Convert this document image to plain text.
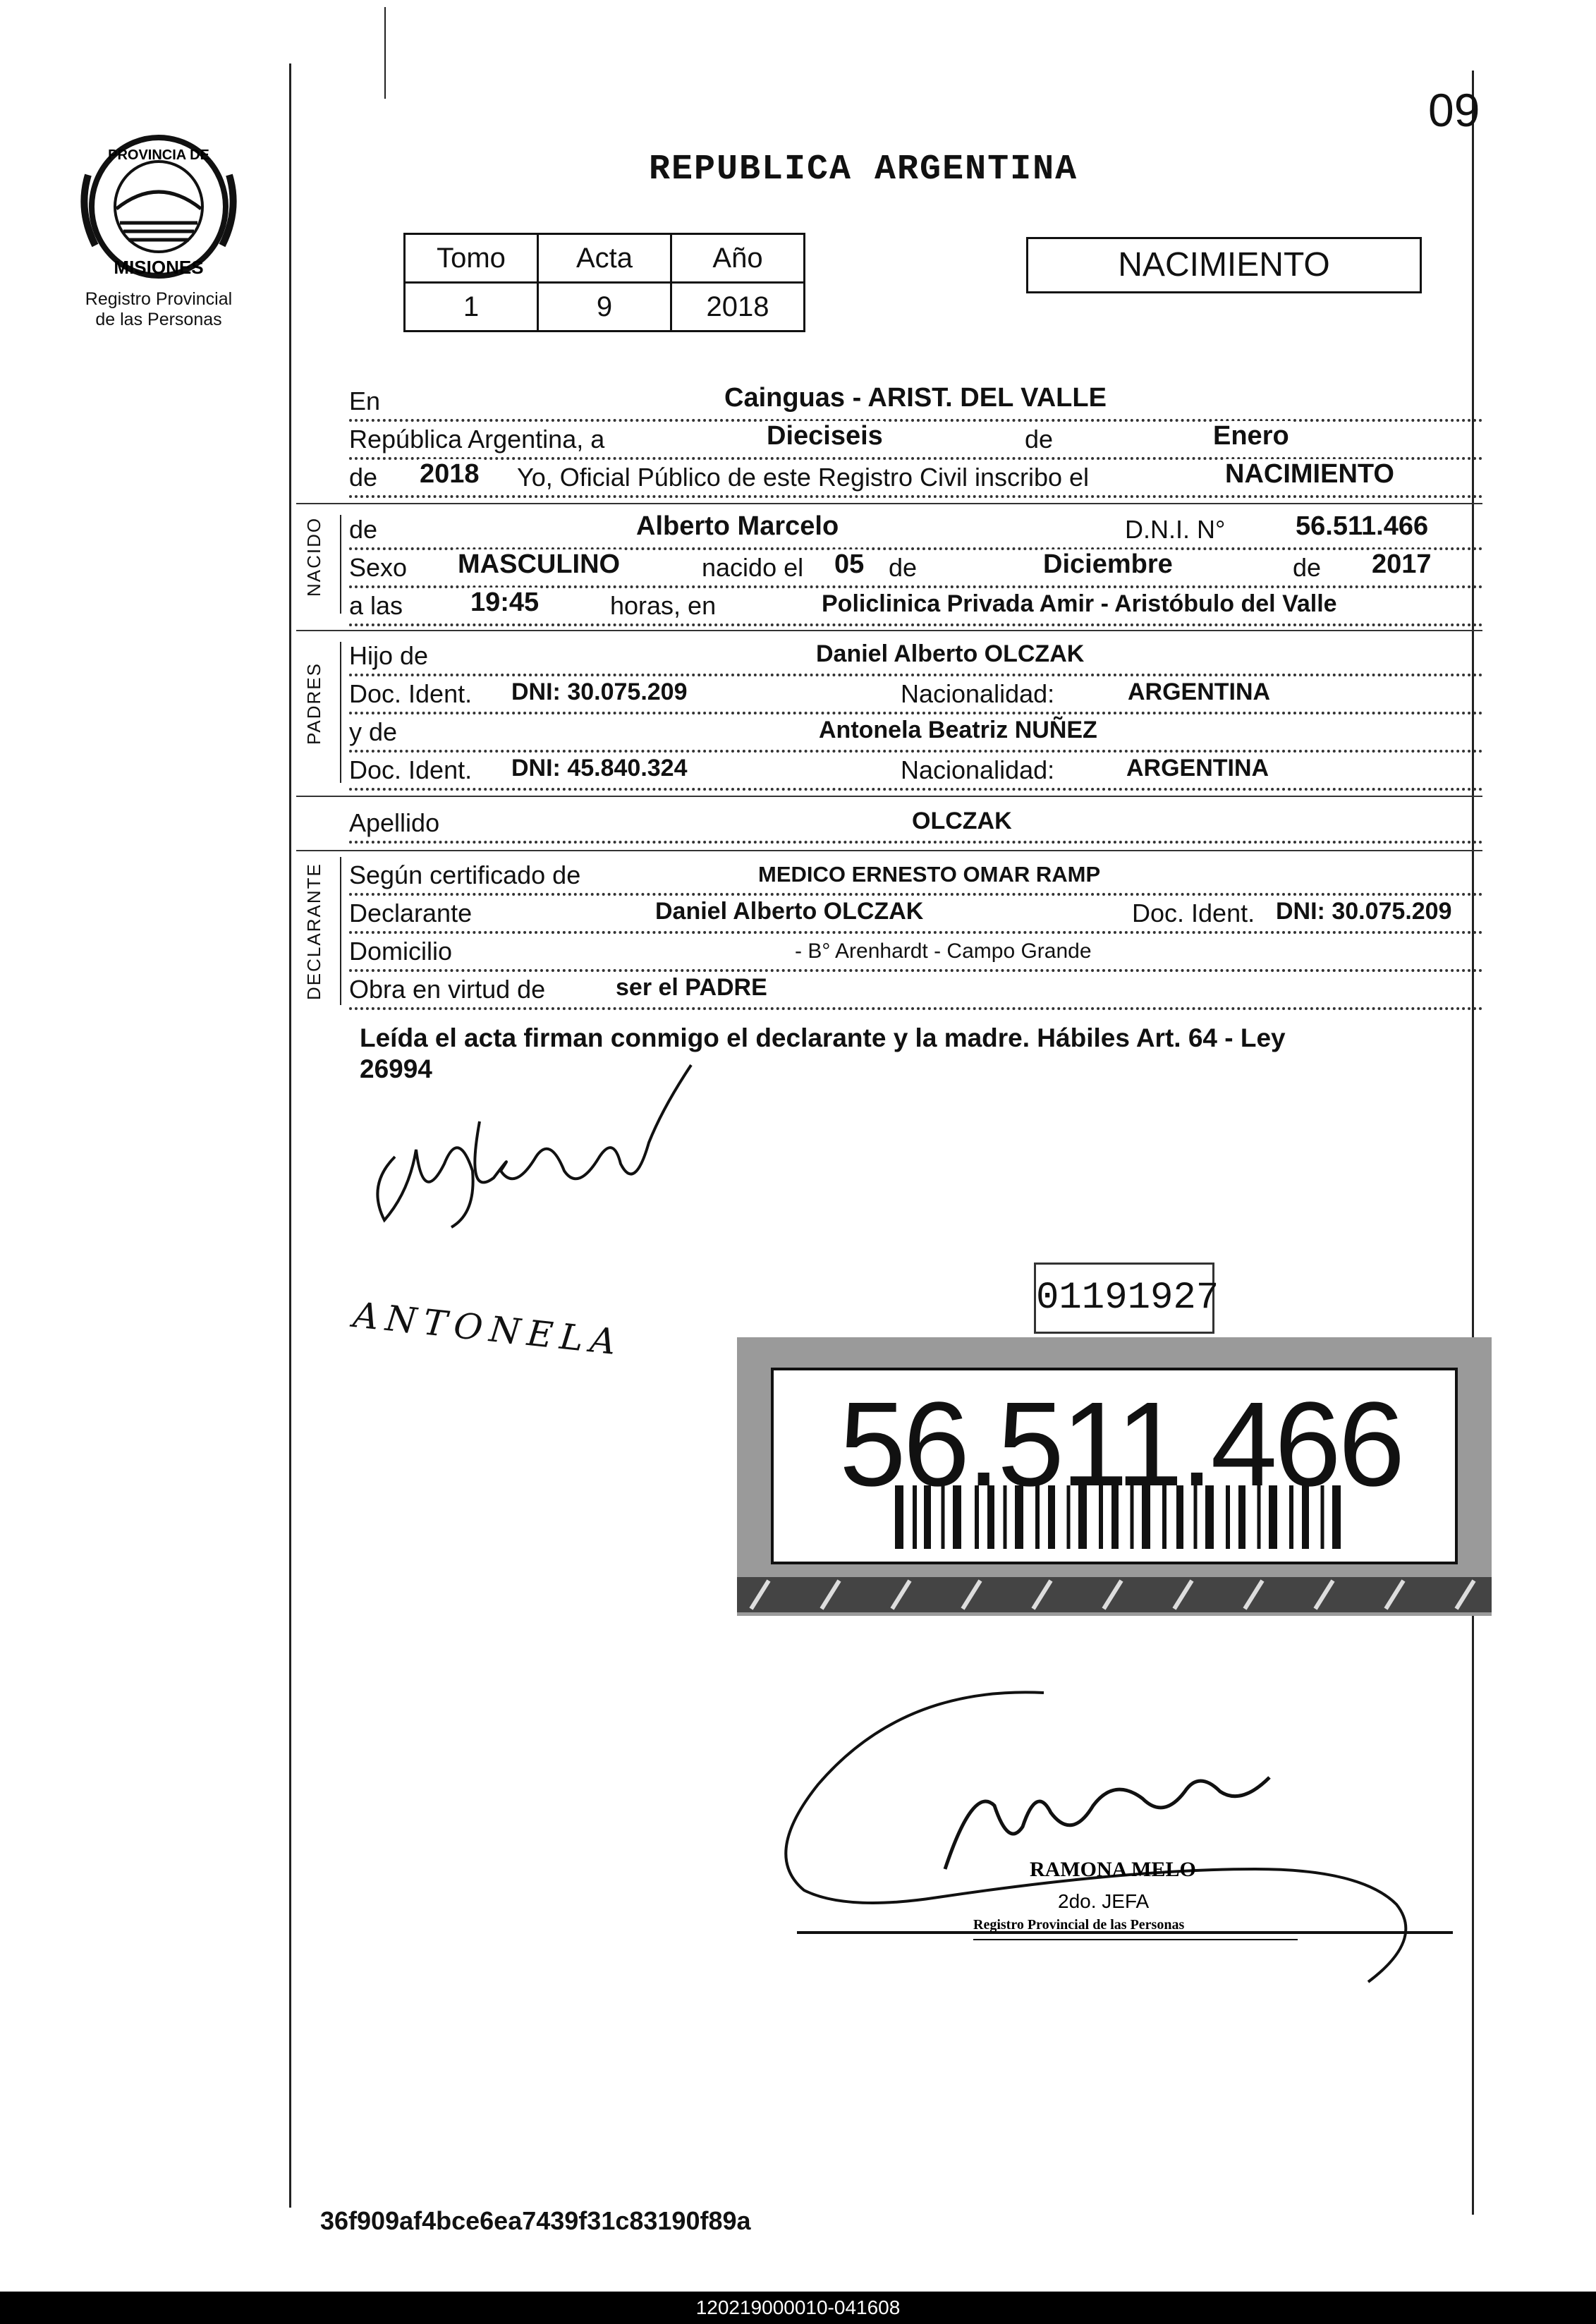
09
REPUBLICA ARGENTINA
PROVINCIA DE
MISIONES
Registro Provincial
de las Personas
Tomo	Acta	Año
1	9	2018
NACIMIENTO
NACIDO
PADRES
DECLARANTE
En	Cainguas - ARIST. DEL VALLE
República Argentina, a	Dieciseis	de	Enero
de 2018 Yo, Oficial Público de este Registro Civil inscribo el	NACIMIENTO
de	Alberto Marcelo	D.N.I. N°	56.511.466
Sexo MASCULINO	nacido el 05 de	Diciembre	de 2017
a las	19:45	horas, en	Policlinica Privada Amir - Aristóbulo del Valle
Hijo de	Daniel Alberto OLCZAK
Doc. Ident. DNI: 30.075.209	Nacionalidad:	ARGENTINA
y de	Antonela Beatriz NUÑEZ
Doc. Ident. DNI: 45.840.324	Nacionalidad:	ARGENTINA
Apellido	OLCZAK
Según certificado de	MEDICO ERNESTO OMAR RAMP
Declarante	Daniel Alberto OLCZAK	Doc. Ident. DNI: 30.075.209
Domicilio	- B° Arenhardt - Campo Grande
Obra en virtud de	ser el PADRE
Leída el acta firman conmigo el declarante y la madre. Hábiles Art. 64 - Ley
26994
ANTONELA	01191927
56.511.466
RAMONA MELO
2do. JEFA
Registro Provincial de las Personas
36f909af4bce6ea7439f31c83190f89a
120219000010-041608
